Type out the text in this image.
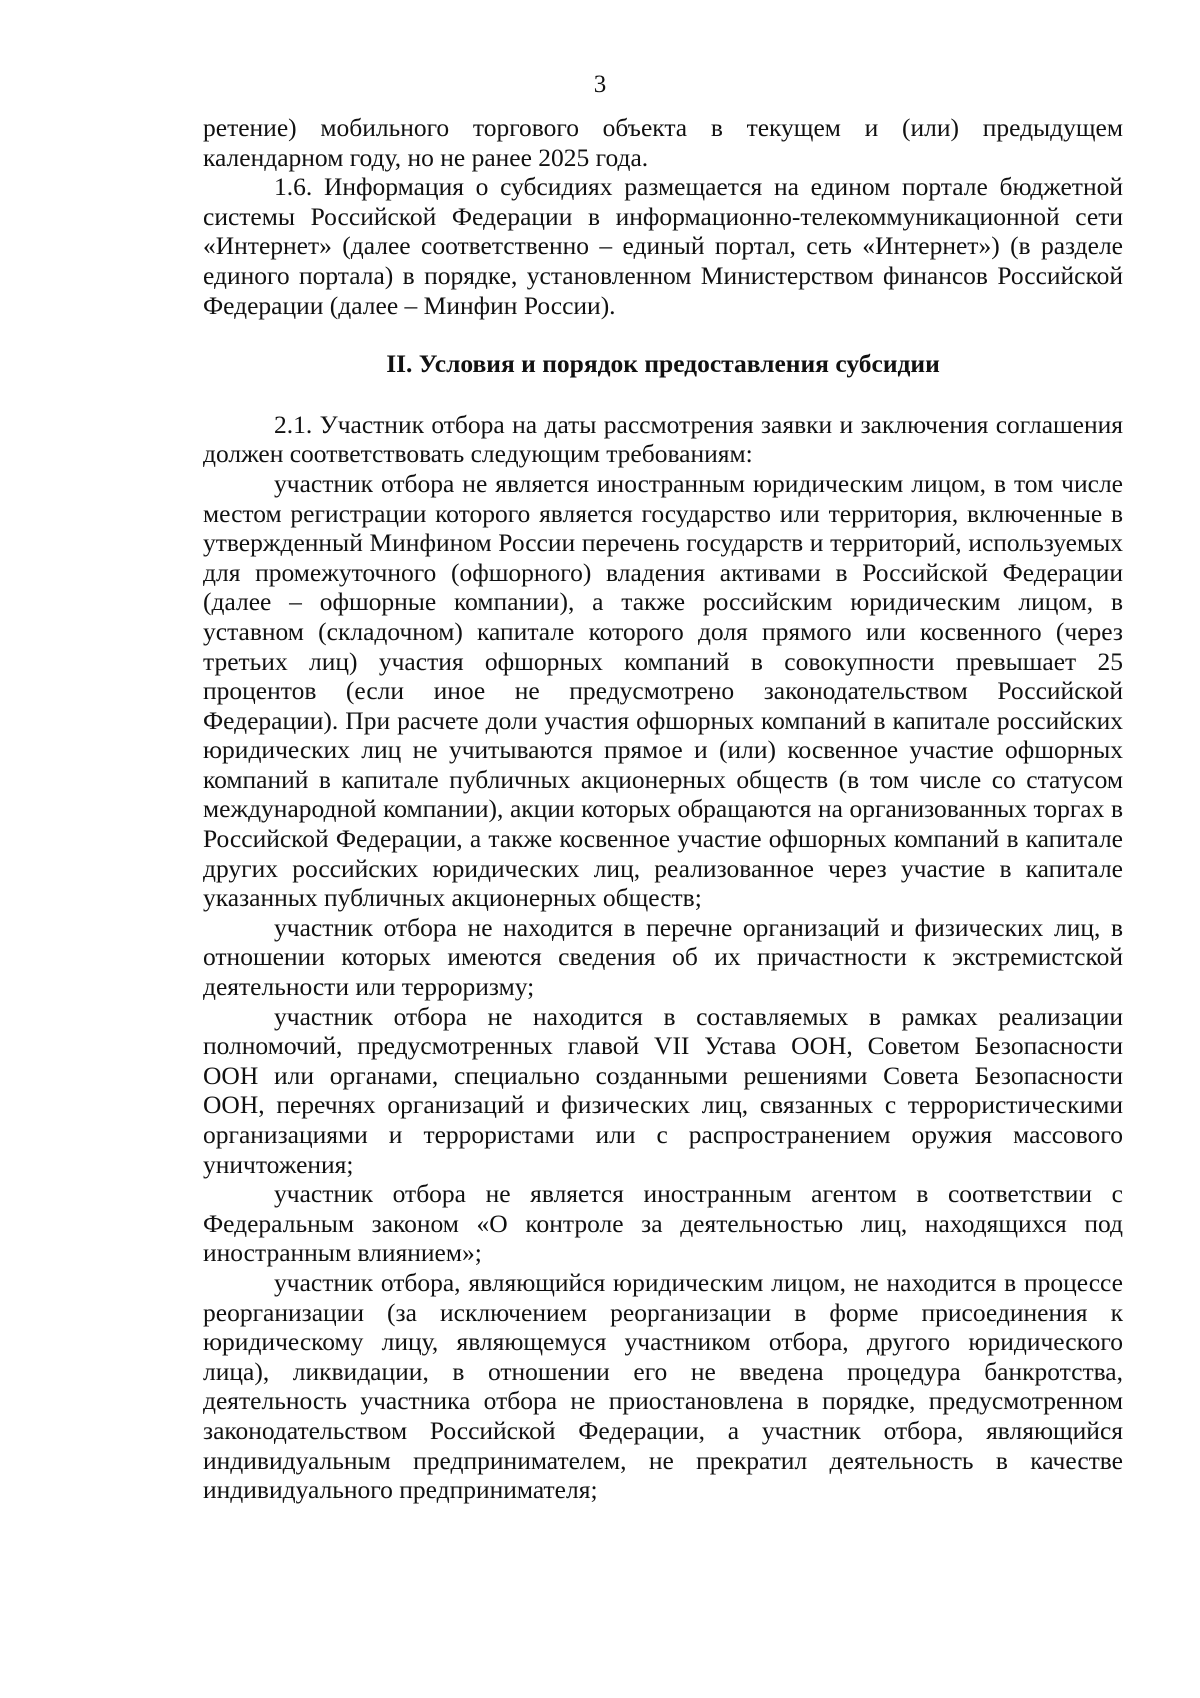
3

ретение) мобильного торгового объекта в текущем и (или) предыдущем календарном году, но не ранее 2025 года.

1.6. Информация о субсидиях размещается на едином портале бюджетной системы Российской Федерации в информационно-телекоммуникационной сети «Интернет» (далее соответственно – единый портал, сеть «Интернет») (в разделе единого портала) в порядке, установленном Министерством финансов Российской Федерации (далее – Минфин России).

II. Условия и порядок предоставления субсидии

2.1. Участник отбора на даты рассмотрения заявки и заключения соглашения должен соответствовать следующим требованиям:

участник отбора не является иностранным юридическим лицом, в том числе местом регистрации которого является государство или территория, включенные в утвержденный Минфином России перечень государств и территорий, используемых для промежуточного (офшорного) владения активами в Российской Федерации (далее – офшорные компании), а также российским юридическим лицом, в уставном (складочном) капитале которого доля прямого или косвенного (через третьих лиц) участия офшорных компаний в совокупности превышает 25 процентов (если иное не предусмотрено законодательством Российской Федерации). При расчете доли участия офшорных компаний в капитале российских юридических лиц не учитываются прямое и (или) косвенное участие офшорных компаний в капитале публичных акционерных обществ (в том числе со статусом международной компании), акции которых обращаются на организованных торгах в Российской Федерации, а также косвенное участие офшорных компаний в капитале других российских юридических лиц, реализованное через участие в капитале указанных публичных акционерных обществ;

участник отбора не находится в перечне организаций и физических лиц, в отношении которых имеются сведения об их причастности к экстремистской деятельности или терроризму;

участник отбора не находится в составляемых в рамках реализации полномочий, предусмотренных главой VII Устава ООН, Советом Безопасности ООН или органами, специально созданными решениями Совета Безопасности ООН, перечнях организаций и физических лиц, связанных с террористическими организациями и террористами или с распространением оружия массового уничтожения;

участник отбора не является иностранным агентом в соответствии с Федеральным законом «О контроле за деятельностью лиц, находящихся под иностранным влиянием»;

участник отбора, являющийся юридическим лицом, не находится в процессе реорганизации (за исключением реорганизации в форме присоединения к юридическому лицу, являющемуся участником отбора, другого юридического лица), ликвидации, в отношении его не введена процедура банкротства, деятельность участника отбора не приостановлена в порядке, предусмотренном законодательством Российской Федерации, а участник отбора, являющийся индивидуальным предпринимателем, не прекратил деятельность в качестве индивидуального предпринимателя;
